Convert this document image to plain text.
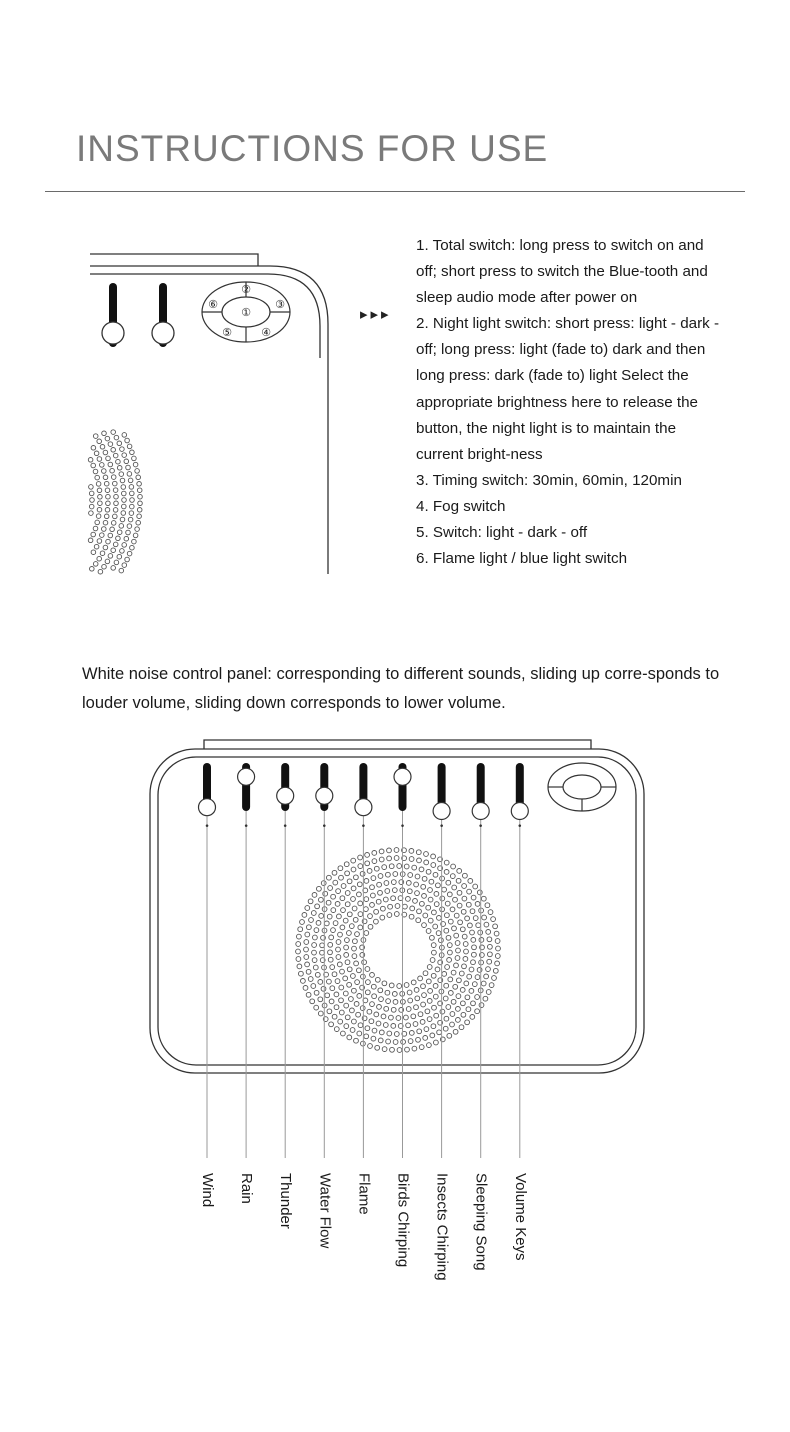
INSTRUCTIONS FOR USE
①
②
③
④
⑤
⑥
▸▸▸
1. Total switch: long press to switch on and off; short press to switch the Blue-tooth and sleep audio mode after power on
2. Night light switch: short press: light - dark - off; long press: light (fade to) dark and then long press: dark (fade to) light Select the appropriate brightness here to release the button, the night light is to maintain the current bright-ness
3. Timing switch: 30min, 60min, 120min
4. Fog switch
5. Switch: light - dark - off
6. Flame light / blue light switch

White noise control panel: corresponding to different sounds, sliding up corre-sponds to louder volume, sliding down corresponds to lower volume.

•	•	•	•	•	•	•	•	•
Wind Rain Thunder Water Flow Flame Birds Chirping Insects Chirping Sleeping Song Volume Keys
